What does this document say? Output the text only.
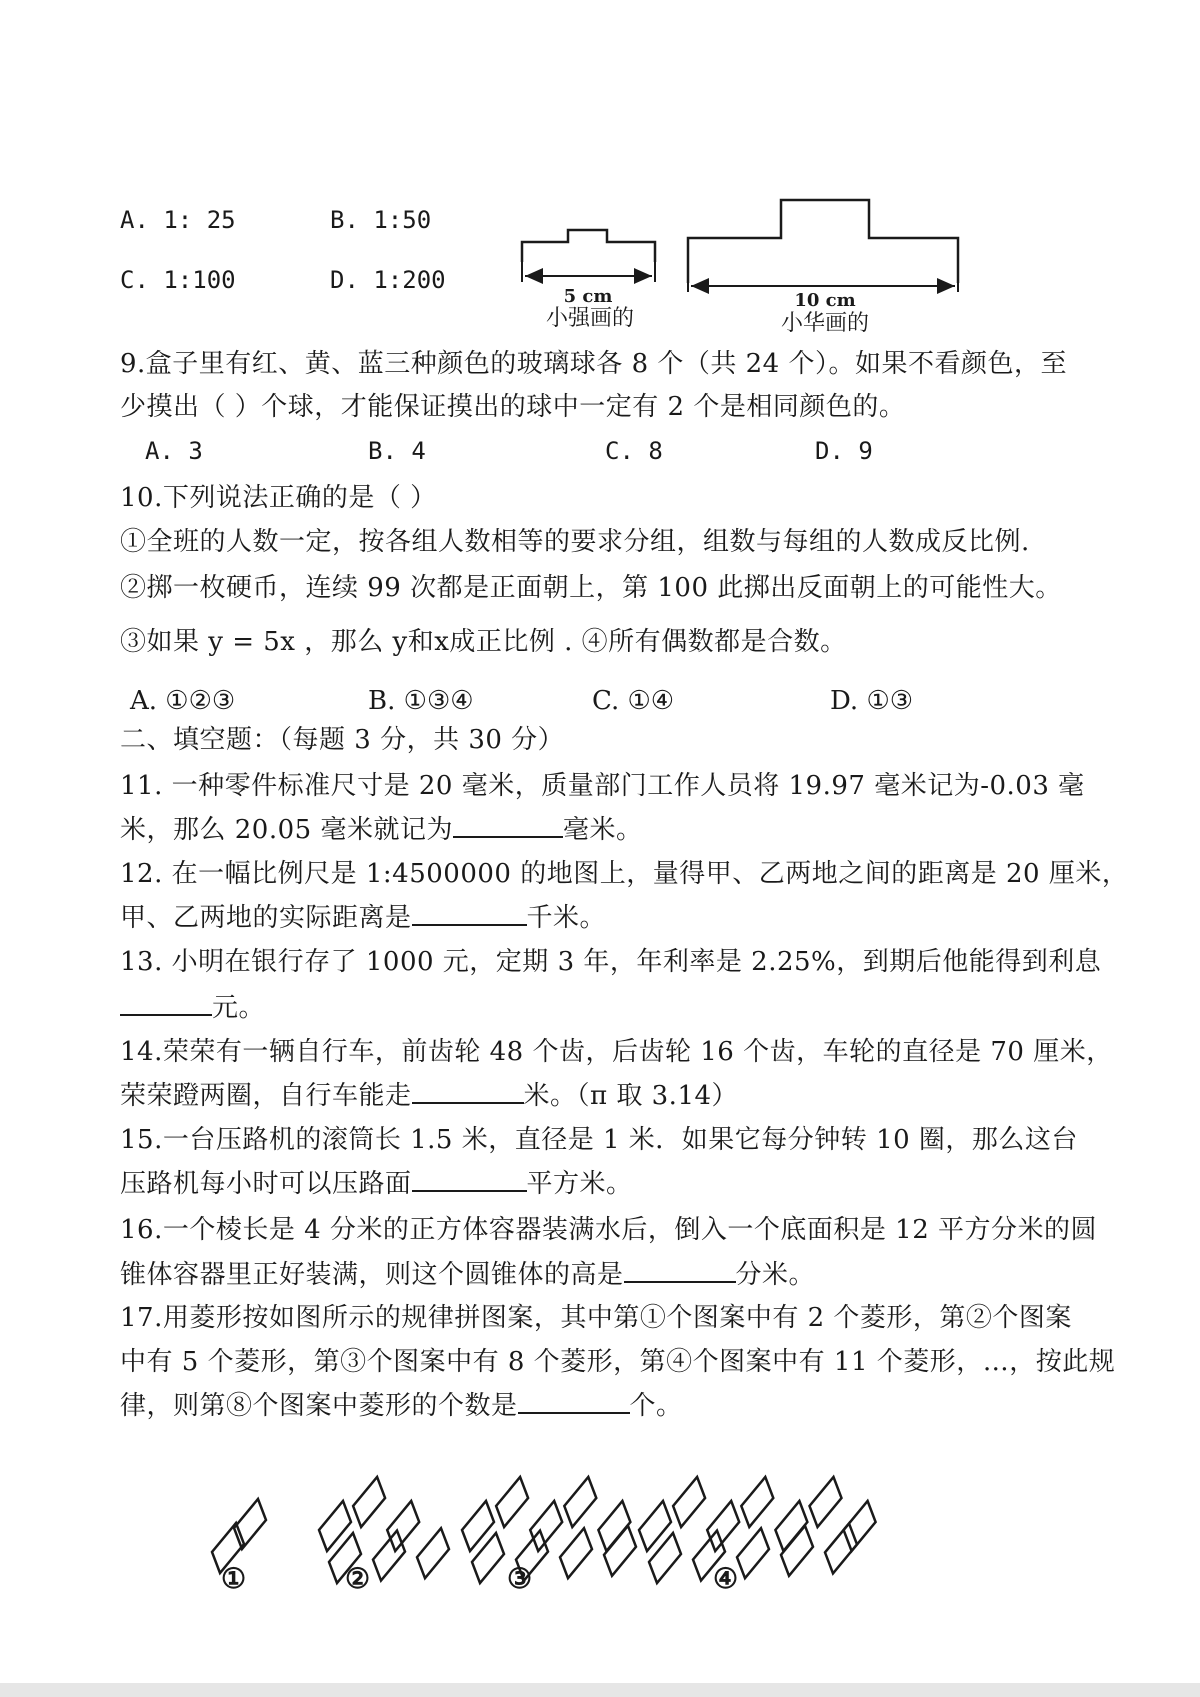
A. 1: 25	B. 1:50
C. 1:100	D. 1:200
5 cm
小强画的
10 cm
小华画的
9.盒子里有红、黄、蓝三种颜色的玻璃球各 8 个（共 24 个）。如果不看颜色，至
少摸出（ ）个球，才能保证摸出的球中一定有 2 个是相同颜色的。
A. 3	B. 4	C. 8	D. 9
10.下列说法正确的是（ ）
①全班的人数一定，按各组人数相等的要求分组，组数与每组的人数成反比例.
②掷一枚硬币，连续 99 次都是正面朝上，第 100 此掷出反面朝上的可能性大。
③如果 y = 5x ，那么 y和x成正比例 . ④所有偶数都是合数。
A. ①②③	B. ①③④	C. ①④	D. ①③
二、填空题：（每题 3 分，共 30 分）
11. 一种零件标准尺寸是 20 毫米，质量部门工作人员将 19.97 毫米记为-0.03 毫
米，那么 20.05 毫米就记为	毫米。
12. 在一幅比例尺是 1:4500000 的地图上，量得甲、乙两地之间的距离是 20 厘米，
甲、乙两地的实际距离是	千米。
13. 小明在银行存了 1000 元，定期 3 年，年利率是 2.25%，到期后他能得到利息
元。
14.荣荣有一辆自行车，前齿轮 48 个齿，后齿轮 16 个齿，车轮的直径是 70 厘米，
荣荣蹬两圈，自行车能走	米。（π 取 3.14）
15.一台压路机的滚筒长 1.5 米，直径是 1 米．如果它每分钟转 10 圈，那么这台
压路机每小时可以压路面	平方米。
16.一个棱长是 4 分米的正方体容器装满水后，倒入一个底面积是 12 平方分米的圆
锥体容器里正好装满，则这个圆锥体的高是	分米。
17.用菱形按如图所示的规律拼图案，其中第①个图案中有 2 个菱形，第②个图案
中有 5 个菱形，第③个图案中有 8 个菱形，第④个图案中有 11 个菱形，…，按此规
律，则第⑧个图案中菱形的个数是	个。
①	②	③	④
